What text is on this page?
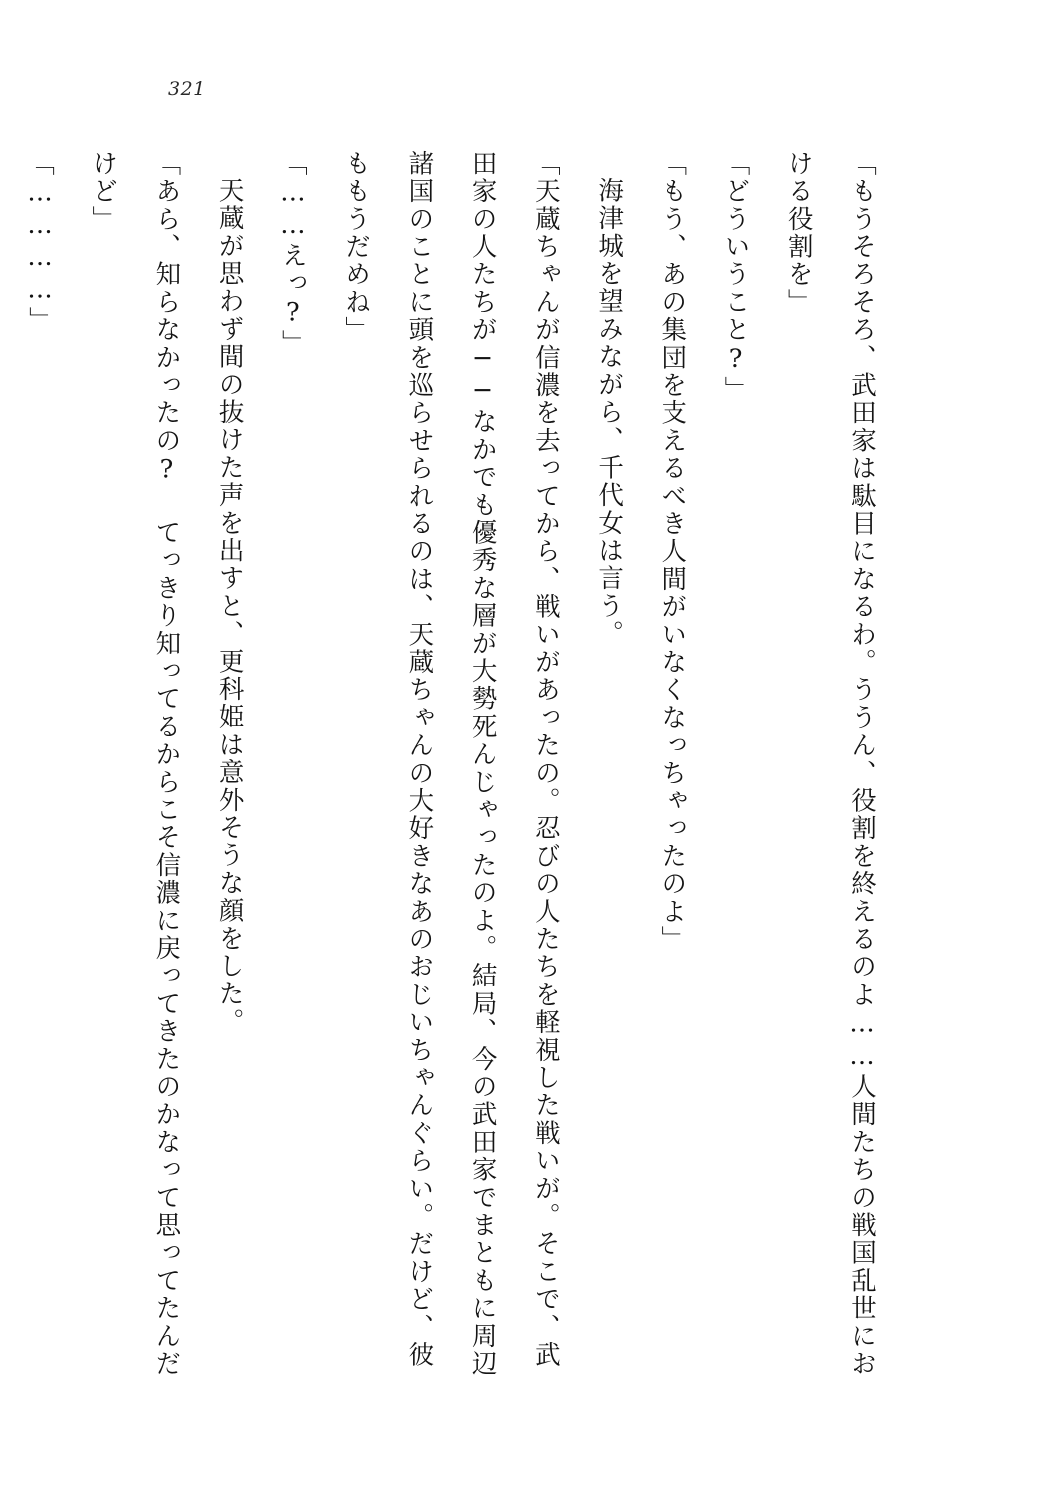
321

「もうそろそろ、武田家は駄目になるわ。ううん、役割を終えるのよ……人間たちの戦国乱世における役割を」

「どういうこと?」

「もう、あの集団を支えるべき人間がいなくなっちゃったのよ」

海津城を望みながら、千代女は言う。

「天蔵ちゃんが信濃を去ってから、戦いがあったの。忍びの人たちを軽視した戦いが。そこで、武田家の人たちが──なかでも優秀な層が大勢死んじゃったのよ。結局、今の武田家でまともに周辺諸国のことに頭を巡らせられるのは、天蔵ちゃんの大好きなあのおじいちゃんぐらい。だけど、彼ももうだめね」

「……えっ?」

天蔵が思わず間の抜けた声を出すと、更科姫は意外そうな顔をした。

「あら、知らなかったの? てっきり知ってるからこそ信濃に戻ってきたのかなって思ってたんだけど」

「…………」
